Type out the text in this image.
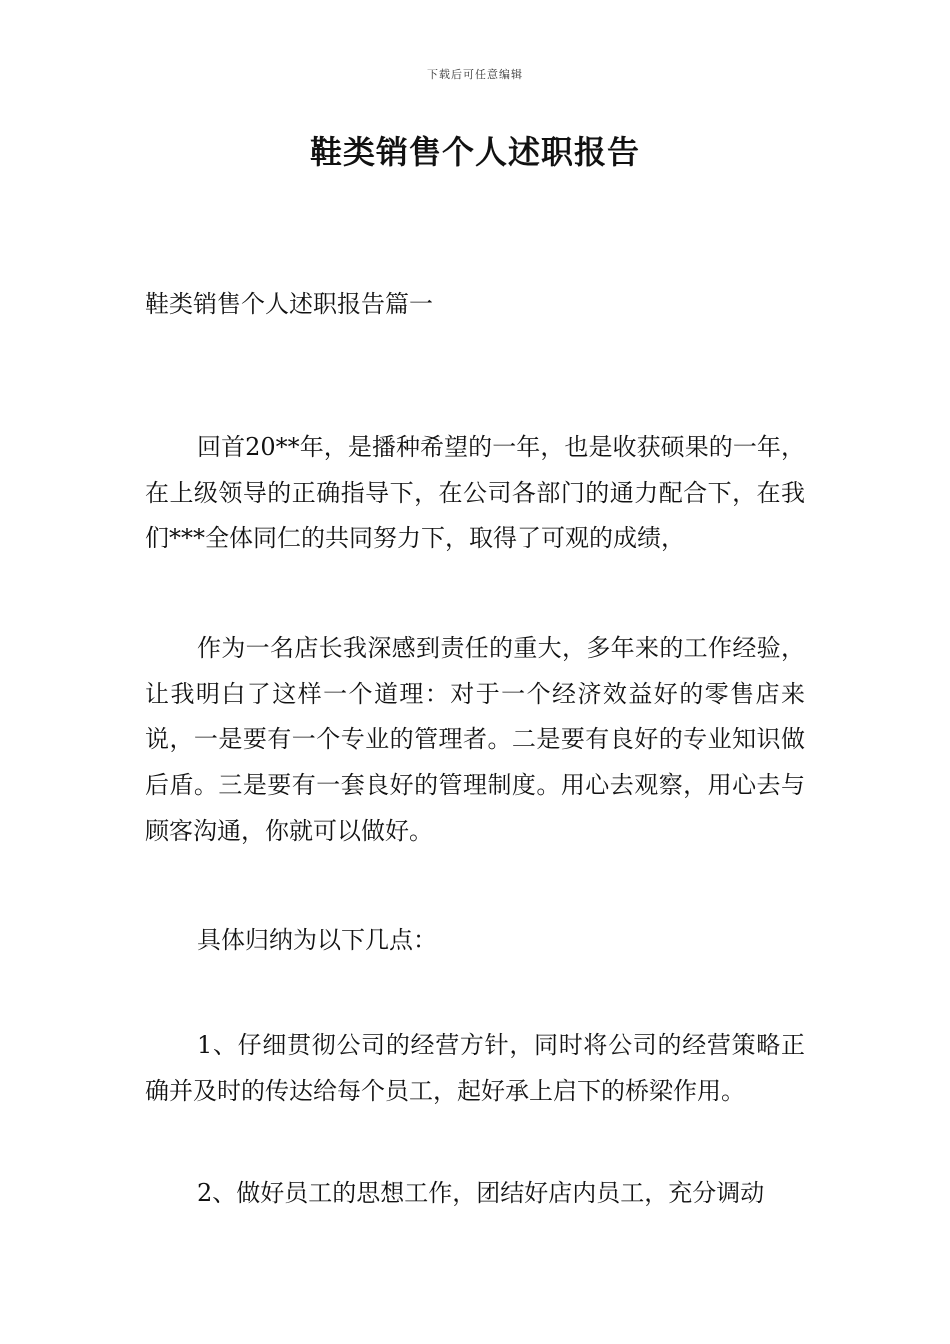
下载后可任意编辑
鞋类销售个人述职报告
鞋类销售个人述职报告篇一

回首20**年，是播种希望的一年，也是收获硕果的一年，在上级领导的正确指导下，在公司各部门的通力配合下，在我们***全体同仁的共同努力下，取得了可观的成绩，

作为一名店长我深感到责任的重大，多年来的工作经验，让我明白了这样一个道理：对于一个经济效益好的零售店来说，一是要有一个专业的管理者。二是要有良好的专业知识做后盾。三是要有一套良好的管理制度。用心去观察，用心去与顾客沟通，你就可以做好。

具体归纳为以下几点：

1、仔细贯彻公司的经营方针，同时将公司的经营策略正确并及时的传达给每个员工，起好承上启下的桥梁作用。

2、做好员工的思想工作，团结好店内员工，充分调动
